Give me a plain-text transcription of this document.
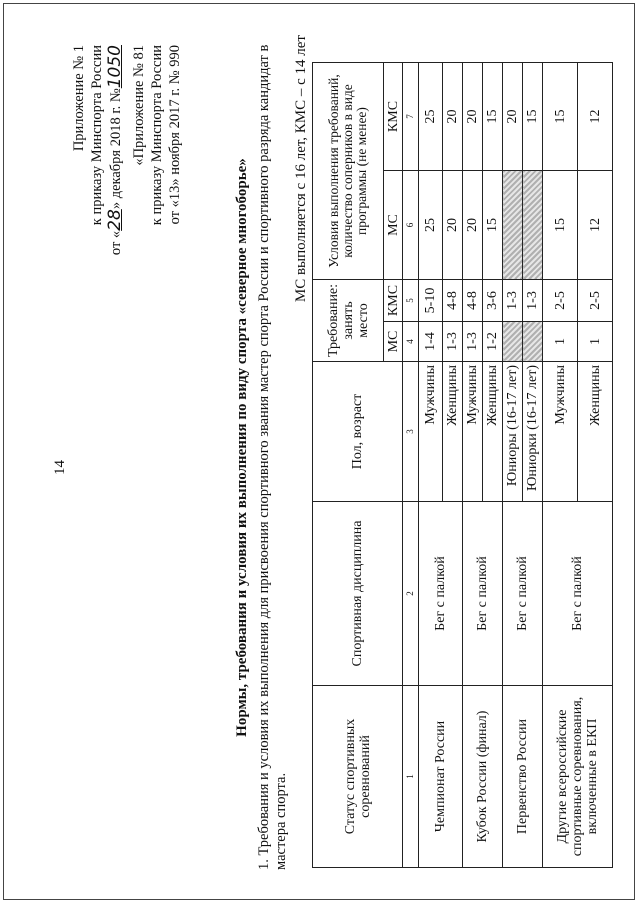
14
Приложение № 1 к приказу Минспорта России
от «28» декабря 2018 г. №1050 «Приложение № 81 к приказу Минспорта России от «13» ноября 2017 г. № 990
Нормы, требования и условия их выполнения по виду спорта «северное многоборье» 1. Требования и условия их выполнения для присвоения спортивного звания мастер спорта России и спортивного разряда кандидат в мастера спорта.
МС выполняется с 16 лет, КМС – с 14 лет
Статус спортивных соревнований	Спортивная дисциплина	Пол, возраст	Требование: занять место		Условия выполнения требований, количество соперников в виде программы (не менее)	
			МС	КМС	МС	КМС
1	2	3	4	5	6	7
Чемпионат России	Бег с палкой	Мужчины	1-4	5-10	25	25
		Женщины	1-3	4-8	20	20
Кубок России (финал)	Бег с палкой	Мужчины	1-3	4-8	20	20
		Женщины	1-2	3-6	15	15
Первенство России	Бег с палкой	Юниоры (16-17 лет)		1-3		20
		Юниорки (16-17 лет)		1-3		15
Другие всероссийские спортивные соревнования, включенные в ЕКП	Бег с палкой	Мужчины	1	2-5	15	15
		Женщины	1	2-5	12	12
